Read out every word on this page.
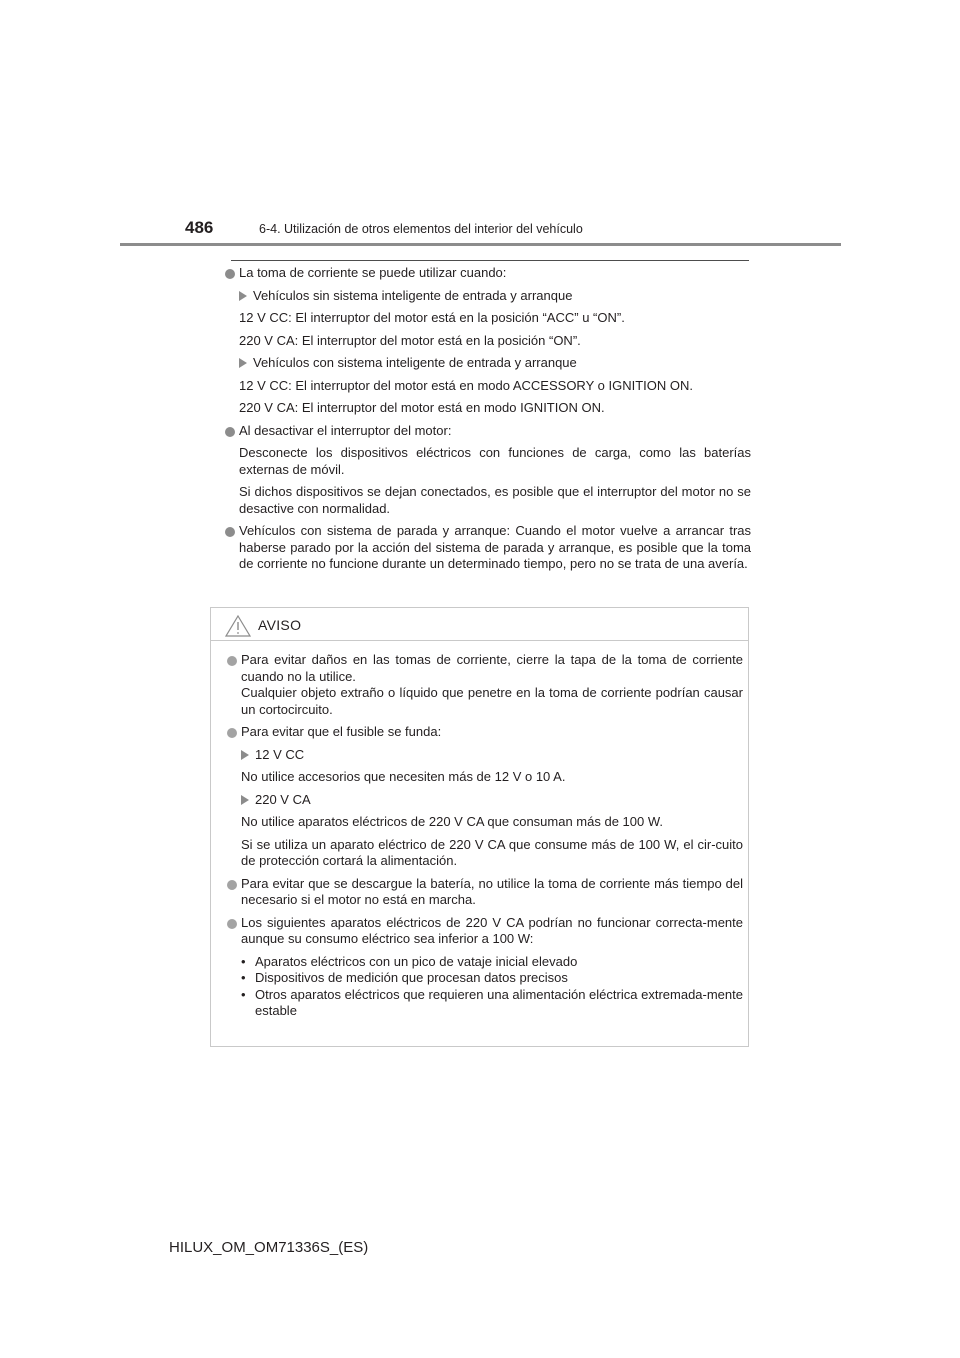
486	6-4. Utilización de otros elementos del interior del vehículo
La toma de corriente se puede utilizar cuando:
Vehículos sin sistema inteligente de entrada y arranque
12 V CC: El interruptor del motor está en la posición “ACC” u “ON”.
220 V CA: El interruptor del motor está en la posición “ON”.
Vehículos con sistema inteligente de entrada y arranque
12 V CC: El interruptor del motor está en modo ACCESSORY o IGNITION ON.
220 V CA: El interruptor del motor está en modo IGNITION ON.
Al desactivar el interruptor del motor:
Desconecte los dispositivos eléctricos con funciones de carga, como las baterías externas de móvil.
Si dichos dispositivos se dejan conectados, es posible que el interruptor del motor no se desactive con normalidad.
Vehículos con sistema de parada y arranque: Cuando el motor vuelve a arrancar tras haberse parado por la acción del sistema de parada y arranque, es posible que la toma de corriente no funcione durante un determinado tiempo, pero no se trata de una avería.
AVISO
Para evitar daños en las tomas de corriente, cierre la tapa de la toma de corriente cuando no la utilice.
Cualquier objeto extraño o líquido que penetre en la toma de corriente podrían causar un cortocircuito.
Para evitar que el fusible se funda:
12 V CC
No utilice accesorios que necesiten más de 12 V o 10 A.
220 V CA
No utilice aparatos eléctricos de 220 V CA que consuman más de 100 W.
Si se utiliza un aparato eléctrico de 220 V CA que consume más de 100 W, el cir-cuito de protección cortará la alimentación.
Para evitar que se descargue la batería, no utilice la toma de corriente más tiempo del necesario si el motor no está en marcha.
Los siguientes aparatos eléctricos de 220 V CA podrían no funcionar correcta-mente aunque su consumo eléctrico sea inferior a 100 W:
• Aparatos eléctricos con un pico de vataje inicial elevado
• Dispositivos de medición que procesan datos precisos
• Otros aparatos eléctricos que requieren una alimentación eléctrica extremada-mente estable
HILUX_OM_OM71336S_(ES)
